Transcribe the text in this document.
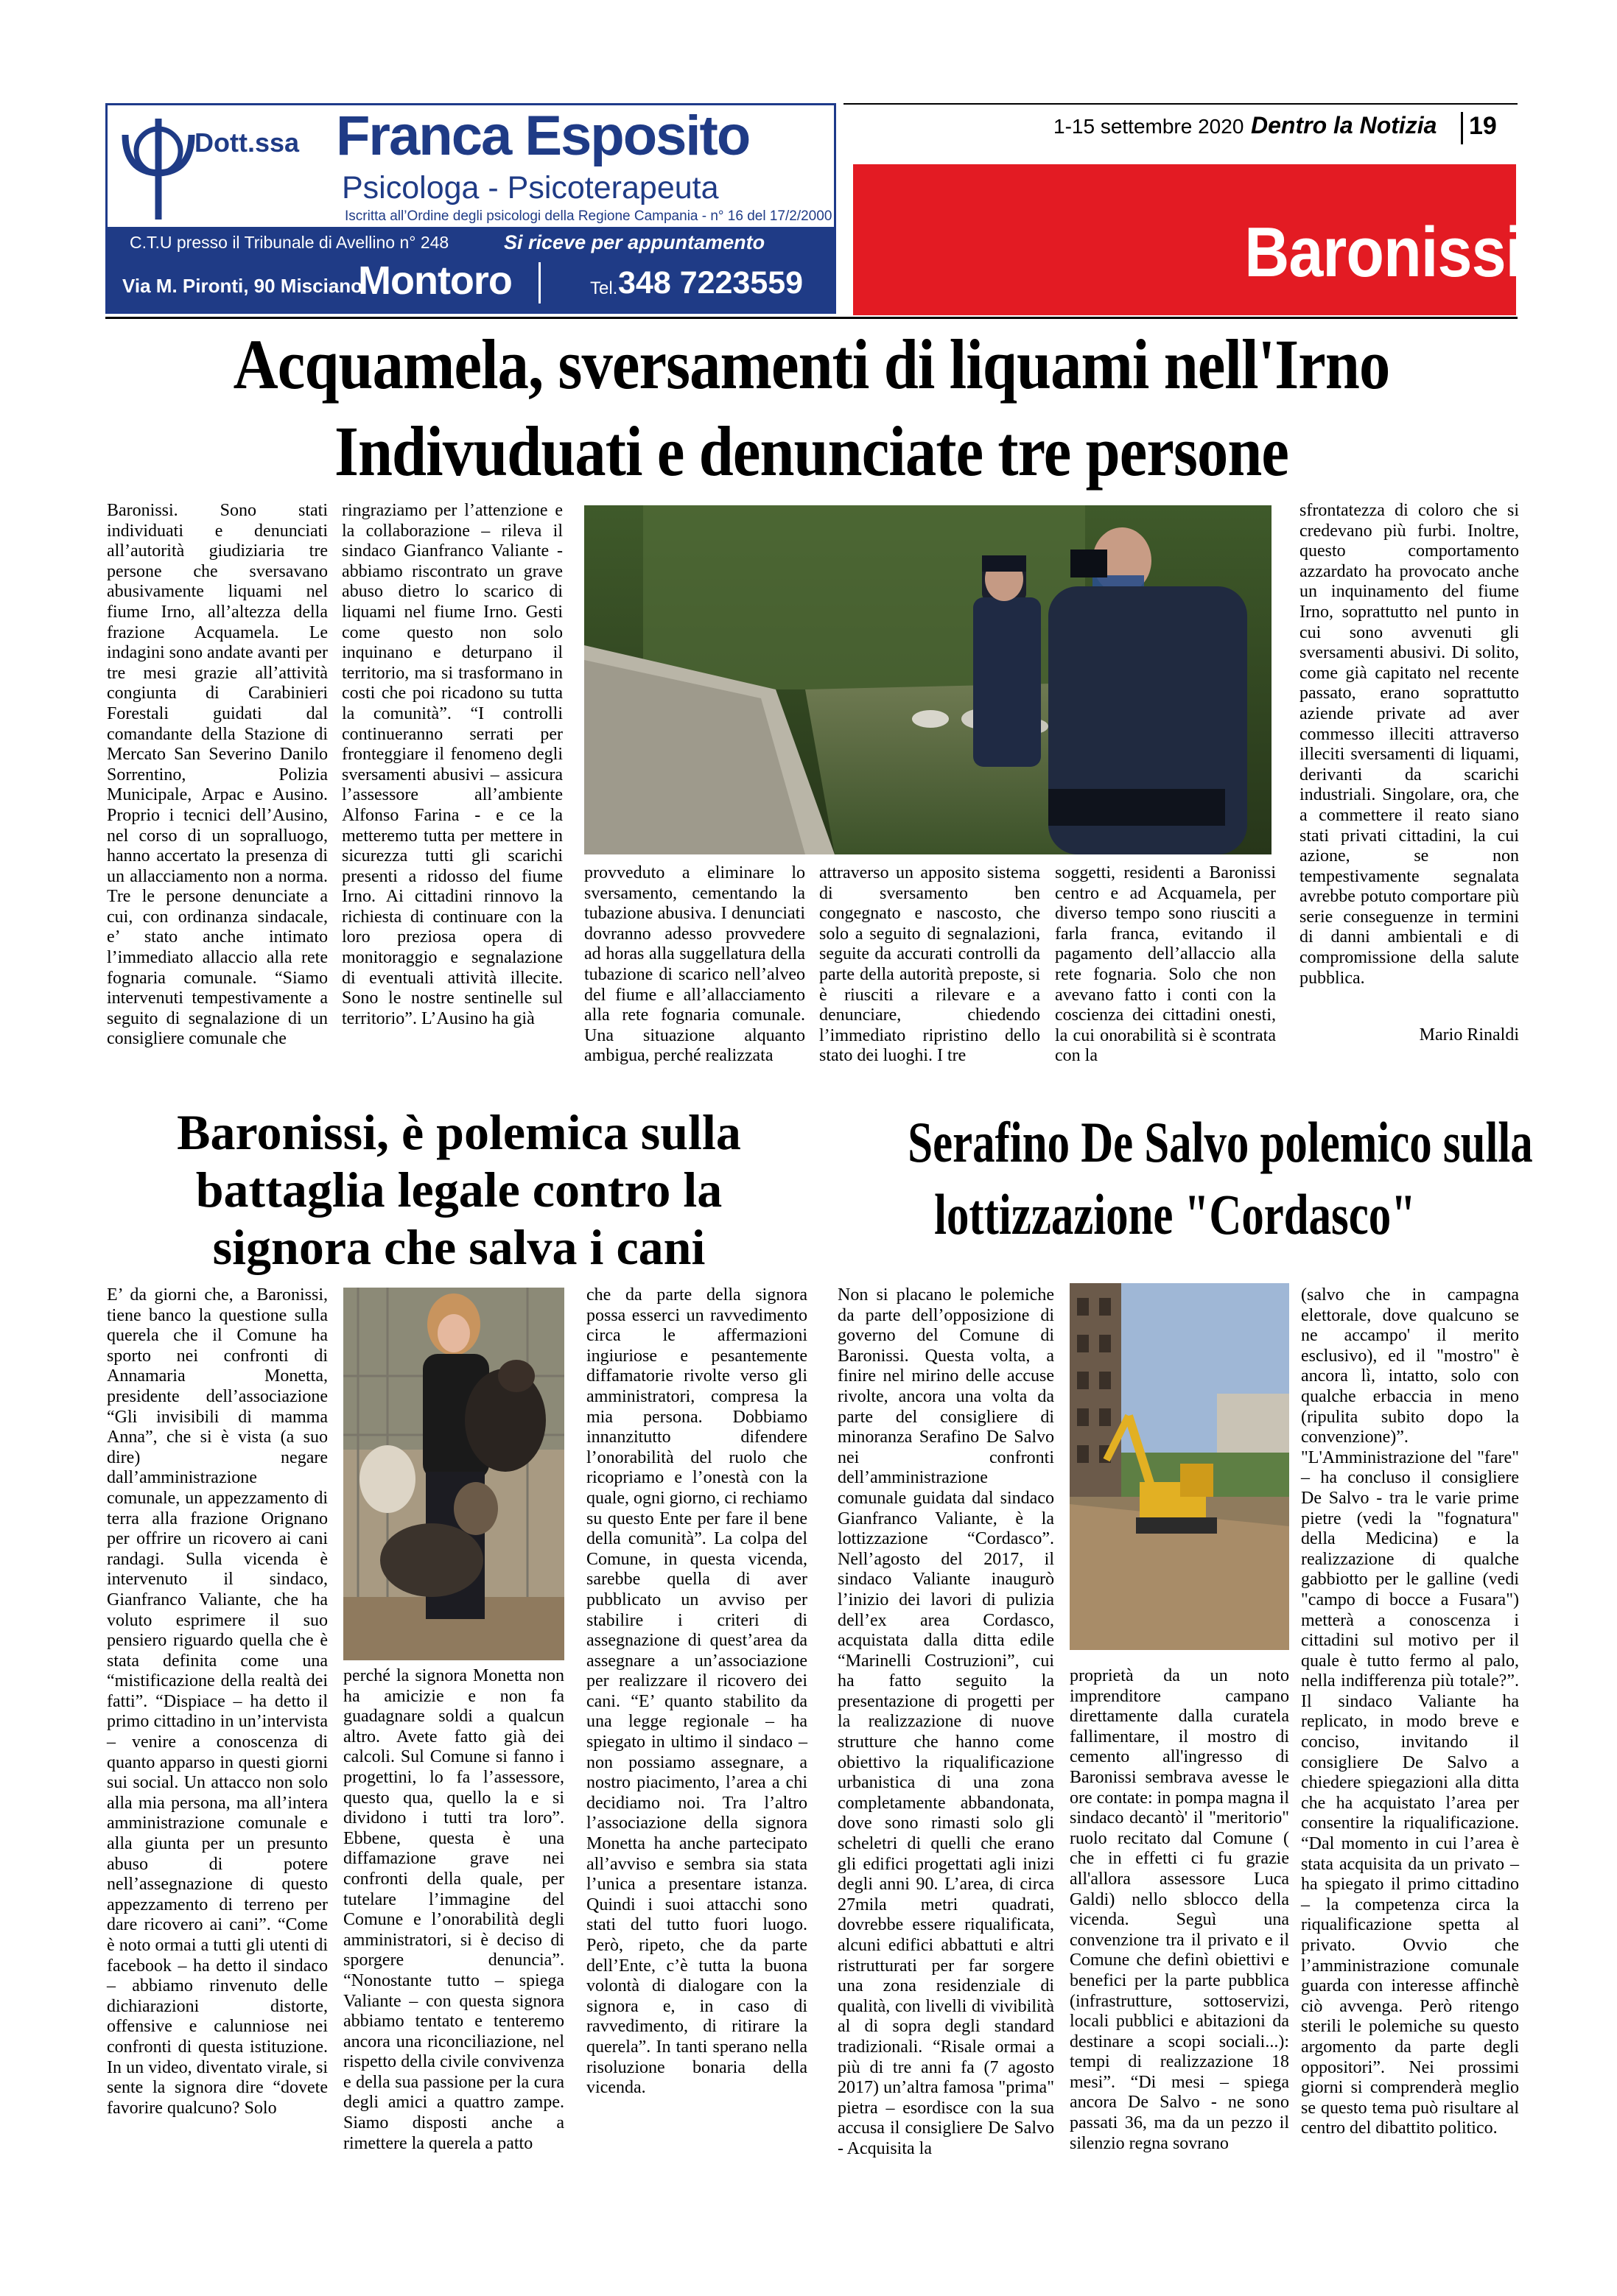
Dott.ssa Franca Esposito
Psicologa - Psicoterapeuta
Iscritta all’Ordine degli psicologi della Regione Campania - n° 16 del 17/2/2000
C.T.U presso il Tribunale di Avellino n° 248	Si riceve per appuntamento
Via M. Pironti, 90 Misciano
Montoro	Tel. 348 7223559
1-15 settembre 2020 Dentro la Notizia 19
Baronissi
Acquamela, sversamenti di liquami nell'Irno
Indivuduati e denunciate tre persone

Baronissi. Sono stati individuati e denunciati all’autorità giudiziaria tre persone che sversavano abusivamente liquami nel fiume Irno, all’altezza della frazione Acquamela. Le indagini sono andate avanti per tre mesi grazie all’attività congiunta di Carabinieri Forestali guidati dal comandante della Stazione di Mercato San Severino Danilo Sorrentino, Polizia Municipale, Arpac e Ausino. Proprio i tecnici dell’Ausino, nel corso di un sopralluogo, hanno accertato la presenza di un allacciamento non a norma. Tre le persone denunciate a cui, con ordinanza sindacale, e’ stato anche intimato l’immediato allaccio alla rete fognaria comunale. “Siamo intervenuti tempestivamente a seguito di segnalazione di un consigliere comunale che

ringraziamo per l’attenzione e la collaborazione – rileva il sindaco Gianfranco Valiante - abbiamo riscontrato un grave abuso dietro lo scarico di liquami nel fiume Irno. Gesti come questo non solo inquinano e deturpano il territorio, ma si trasformano in costi che poi ricadono su tutta la comunità”. “I controlli continueranno serrati per fronteggiare il fenomeno degli sversamenti abusivi – assicura l’assessore all’ambiente Alfonso Farina - e ce la metteremo tutta per mettere in sicurezza tutti gli scarichi presenti a ridosso del fiume Irno. Ai cittadini rinnovo la richiesta di continuare con la loro preziosa opera di monitoraggio e segnalazione di eventuali attività illecite. Sono le nostre sentinelle sul territorio”. L’Ausino ha già

provveduto a eliminare lo sversamento, cementando la tubazione abusiva. I denunciati dovranno adesso provvedere ad horas alla suggellatura della tubazione di scarico nell’alveo del fiume e all’allacciamento alla rete fognaria comunale. Una situazione alquanto ambigua, perché realizzata

attraverso un apposito sistema di sversamento ben congegnato e nascosto, che solo a seguito di segnalazioni, seguite da accurati controlli da parte della autorità preposte, si è riusciti a rilevare e a denunciare, chiedendo l’immediato ripristino dello stato dei luoghi. I tre

soggetti, residenti a Baronissi centro e ad Acquamela, per diverso tempo sono riusciti a farla franca, evitando il pagamento dell’allaccio alla rete fognaria. Solo che non avevano fatto i conti con la coscienza dei cittadini onesti, la cui onorabilità si è scontrata con la

sfrontatezza di coloro che si credevano più furbi. Inoltre, questo comportamento azzardato ha provocato anche un inquinamento del fiume Irno, soprattutto nel punto in cui sono avvenuti gli sversamenti abusivi. Di solito, come già capitato nel recente passato, erano soprattutto aziende private ad aver commesso illeciti attraverso illeciti sversamenti di liquami, derivanti da scarichi industriali. Singolare, ora, che a commettere il reato siano stati privati cittadini, la cui azione, se non tempestivamente segnalata avrebbe potuto comportare più serie conseguenze in termini di danni ambientali e di compromissione della salute pubblica.

Mario Rinaldi
Baronissi, è polemica sulla
battaglia legale contro la
signora che salva i cani

E’ da giorni che, a Baronissi, tiene banco la questione sulla querela che il Comune ha sporto nei confronti di Annamaria Monetta, presidente dell’associazione “Gli invisibili di mamma Anna”, che si è vista (a suo dire) negare dall’amministrazione comunale, un appezzamento di terra alla frazione Orignano per offrire un ricovero ai cani randagi. Sulla vicenda è intervenuto il sindaco, Gianfranco Valiante, che ha voluto esprimere il suo pensiero riguardo quella che è stata definita come una “mistificazione della realtà dei fatti”. “Dispiace – ha detto il primo cittadino in un’intervista – venire a conoscenza di quanto apparso in questi giorni sui social. Un attacco non solo alla mia persona, ma all’intera amministrazione comunale e alla giunta per un presunto abuso di potere nell’assegnazione di questo appezzamento di terreno per dare ricovero ai cani”. “Come è noto ormai a tutti gli utenti di facebook – ha detto il sindaco – abbiamo rinvenuto delle dichiarazioni distorte, offensive e calunniose nei confronti di questa istituzione. In un video, diventato virale, si sente la signora dire “dovete favorire qualcuno? Solo

perché la signora Monetta non ha amicizie e non fa guadagnare soldi a qualcun altro. Avete fatto già dei calcoli. Sul Comune si fanno i progettini, lo fa l’assessore, questo qua, quello la e si dividono i tutti tra loro”. Ebbene, questa è una diffamazione grave nei confronti della quale, per tutelare l’immagine del Comune e l’onorabilità degli amministratori, si è deciso di sporgere denuncia”. “Nonostante tutto – spiega Valiante – con questa signora abbiamo tentato e tenteremo ancora una riconciliazione, nel rispetto della civile convivenza e della sua passione per la cura degli amici a quattro zampe. Siamo disposti anche a rimettere la querela a patto

che da parte della signora possa esserci un ravvedimento circa le affermazioni ingiuriose e pesantemente diffamatorie rivolte verso gli amministratori, compresa la mia persona. Dobbiamo innanzitutto difendere l’onorabilità del ruolo che ricopriamo e l’onestà con la quale, ogni giorno, ci rechiamo su questo Ente per fare il bene della comunità”. La colpa del Comune, in questa vicenda, sarebbe quella di aver pubblicato un avviso per stabilire i criteri di assegnazione di quest’area da assegnare a un’associazione per realizzare il ricovero dei cani. “E’ quanto stabilito da una legge regionale – ha spiegato in ultimo il sindaco – non possiamo assegnare, a nostro piacimento, l’area a chi decidiamo noi. Tra l’altro l’associazione della signora Monetta ha anche partecipato all’avviso e sembra sia stata l’unica a presentare istanza. Quindi i suoi attacchi sono stati del tutto fuori luogo. Però, ripeto, che da parte dell’Ente, c’è tutta la buona volontà di dialogare con la signora e, in caso di ravvedimento, di ritirare la querela”. In tanti sperano nella risoluzione bonaria della vicenda.

Serafino De Salvo polemico sulla
lottizzazione "Cordasco"

Non si placano le polemiche da parte dell’opposizione di governo del Comune di Baronissi. Questa volta, a finire nel mirino delle accuse rivolte, ancora una volta da parte del consigliere di minoranza Serafino De Salvo nei confronti dell’amministrazione comunale guidata dal sindaco Gianfranco Valiante, è la lottizzazione “Cordasco”. Nell’agosto del 2017, il sindaco Valiante inaugurò l’inizio dei lavori di pulizia dell’ex area Cordasco, acquistata dalla ditta edile “Marinelli Costruzioni”, cui ha fatto seguito la presentazione di progetti per la realizzazione di nuove strutture che hanno come obiettivo la riqualificazione urbanistica di una zona completamente abbandonata, dove sono rimasti solo gli scheletri di quelli che erano gli edifici progettati agli inizi degli anni 90. L’area, di circa 27mila metri quadrati, dovrebbe essere riqualificata, alcuni edifici abbattuti e altri ristrutturati per far sorgere una zona residenziale di qualità, con livelli di vivibilità al di sopra degli standard tradizionali. “Risale ormai a più di tre anni fa (7 agosto 2017) un’altra famosa "prima" pietra – esordisce con la sua accusa il consigliere De Salvo - Acquisita la

proprietà da un noto imprenditore campano direttamente dalla curatela fallimentare, il mostro di cemento all'ingresso di Baronissi sembrava avesse le ore contate: in pompa magna il sindaco decantò' il "meritorio" ruolo recitato dal Comune ( che in effetti ci fu grazie all'allora assessore Luca Galdi) nello sblocco della vicenda. Seguì una convenzione tra il privato e il Comune che definì obiettivi e benefici per la parte pubblica (infrastrutture, sottoservizi, locali pubblici e abitazioni da destinare a scopi sociali...): tempi di realizzazione 18 mesi”. “Di mesi – spiega ancora De Salvo - ne sono passati 36, ma da un pezzo il silenzio regna sovrano

(salvo che in campagna elettorale, dove qualcuno se ne accampo' il merito esclusivo), ed il "mostro" è ancora lì, intatto, solo con qualche erbaccia in meno (ripulita subito dopo la convenzione)”. "L'Amministrazione del "fare" – ha concluso il consigliere De Salvo - tra le varie prime pietre (vedi la "fognatura" della Medicina) e la realizzazione di qualche gabbiotto per le galline (vedi "campo di bocce a Fusara") metterà a conoscenza i cittadini sul motivo per il quale è tutto fermo al palo, nella indifferenza più totale?”. Il sindaco Valiante ha replicato, in modo breve e conciso, invitando il consigliere De Salvo a chiedere spiegazioni alla ditta che ha acquistato l’area per consentire la riqualificazione. “Dal momento in cui l’area è stata acquisita da un privato – ha spiegato il primo cittadino – la competenza circa la riqualificazione spetta al privato. Ovvio che l’amministrazione comunale guarda con interesse affinchè ciò avvenga. Però ritengo sterili le polemiche su questo argomento da parte degli oppositori”. Nei prossimi giorni si comprenderà meglio se questo tema può risultare al centro del dibattito politico.
